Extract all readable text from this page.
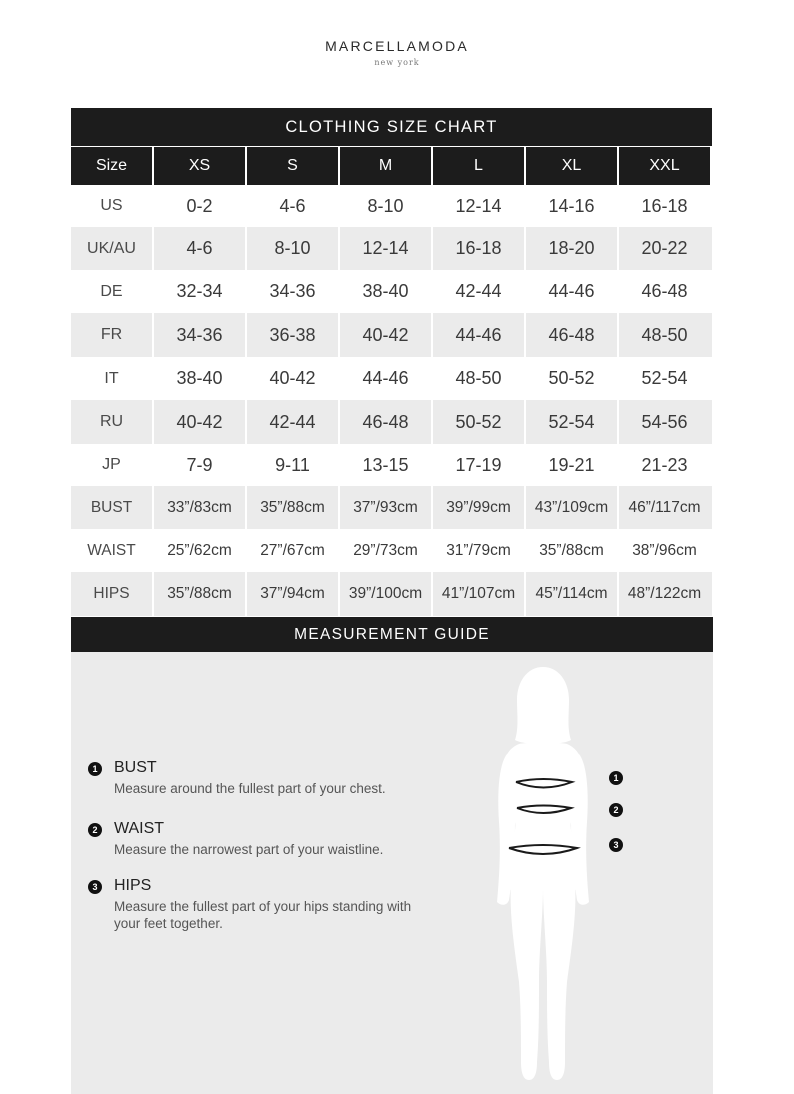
MARCELLAMODA
new york
CLOTHING SIZE CHART
Size	XS	S	M	L	XL	XXL
US	0-2	4-6	8-10	12-14	14-16	16-18
UK/AU	4-6	8-10	12-14	16-18	18-20	20-22
DE	32-34	34-36	38-40	42-44	44-46	46-48
FR	34-36	36-38	40-42	44-46	46-48	48-50
IT	38-40	40-42	44-46	48-50	50-52	52-54
RU	40-42	42-44	46-48	50-52	52-54	54-56
JP	7-9	9-11	13-15	17-19	19-21	21-23
BUST	33”/83cm	35”/88cm	37”/93cm	39”/99cm	43”/109cm	46”/117cm
WAIST	25”/62cm	27”/67cm	29”/73cm	31”/79cm	35”/88cm	38”/96cm
HIPS	35”/88cm	37”/94cm	39”/100cm	41”/107cm	45”/114cm	48”/122cm
MEASUREMENT GUIDE
1 BUST
Measure around the fullest part of your chest.
2 WAIST
Measure the narrowest part of your waistline.
3 HIPS
Measure the fullest part of your hips standing with your feet together.
1
2
3
